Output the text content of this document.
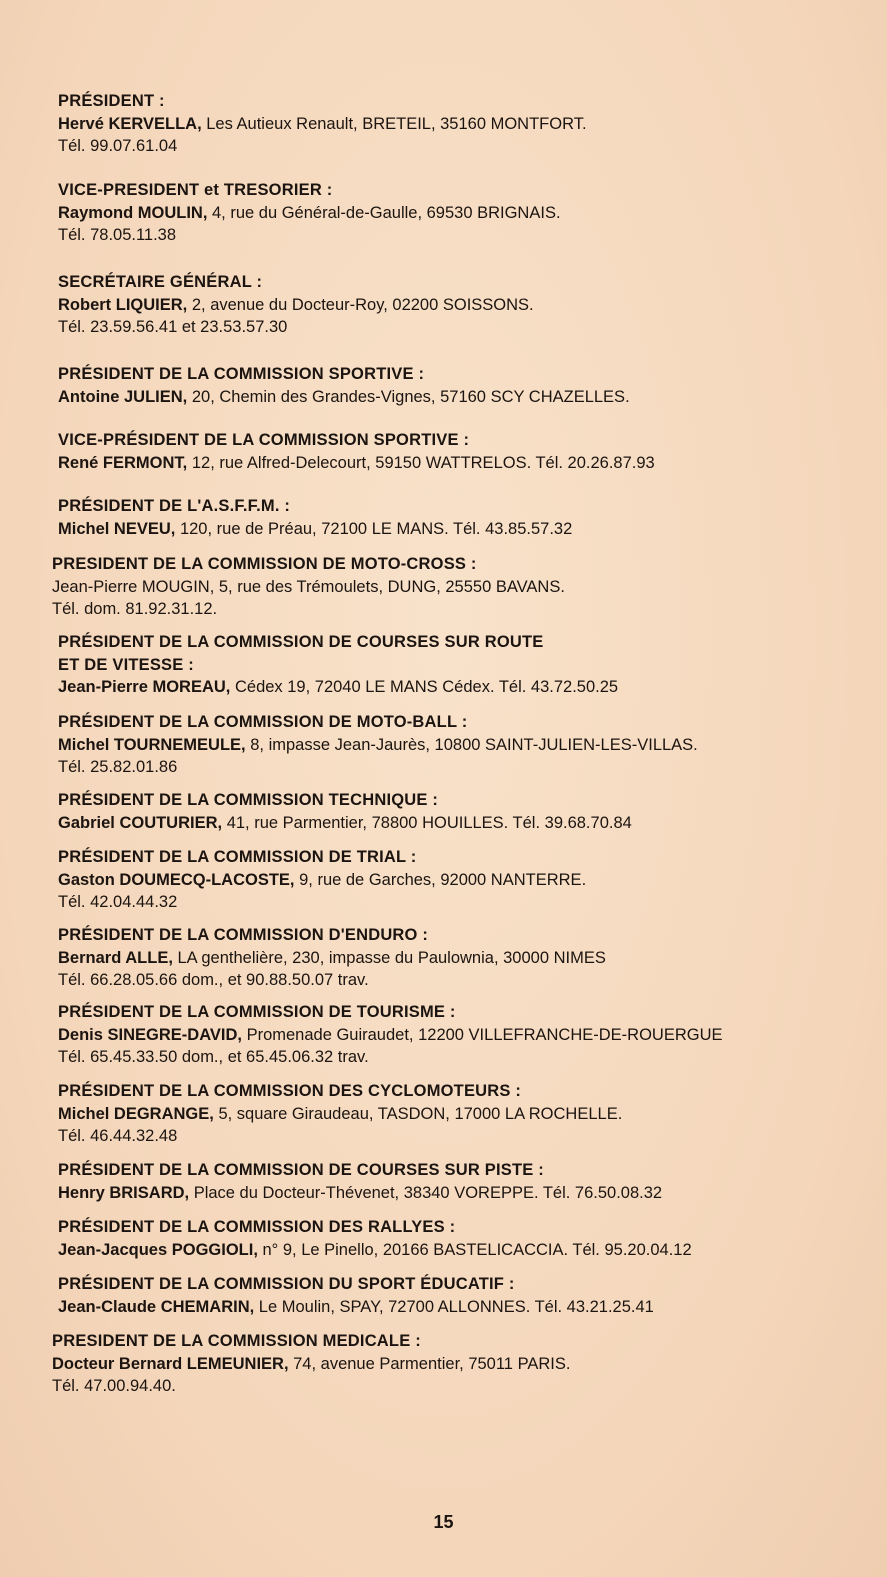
PRÉSIDENT :
Hervé KERVELLA, Les Autieux Renault, BRETEIL, 35160 MONTFORT.
Tél. 99.07.61.04
VICE-PRESIDENT et TRESORIER :
Raymond MOULIN, 4, rue du Général-de-Gaulle, 69530 BRIGNAIS.
Tél. 78.05.11.38
SECRÉTAIRE GÉNÉRAL :
Robert LIQUIER, 2, avenue du Docteur-Roy, 02200 SOISSONS.
Tél. 23.59.56.41 et 23.53.57.30
PRÉSIDENT DE LA COMMISSION SPORTIVE :
Antoine JULIEN, 20, Chemin des Grandes-Vignes, 57160 SCY CHAZELLES.
VICE-PRÉSIDENT DE LA COMMISSION SPORTIVE :
René FERMONT, 12, rue Alfred-Delecourt, 59150 WATTRELOS. Tél. 20.26.87.93
PRÉSIDENT DE L'A.S.F.F.M. :
Michel NEVEU, 120, rue de Préau, 72100 LE MANS. Tél. 43.85.57.32
PRESIDENT DE LA COMMISSION DE MOTO-CROSS :
Jean-Pierre MOUGIN, 5, rue des Trémoulets, DUNG, 25550 BAVANS.
Tél. dom. 81.92.31.12.
PRÉSIDENT DE LA COMMISSION DE COURSES SUR ROUTE
ET DE VITESSE :
Jean-Pierre MOREAU, Cédex 19, 72040 LE MANS Cédex. Tél. 43.72.50.25
PRÉSIDENT DE LA COMMISSION DE MOTO-BALL :
Michel TOURNEMEULE, 8, impasse Jean-Jaurès, 10800 SAINT-JULIEN-LES-VILLAS.
Tél. 25.82.01.86
PRÉSIDENT DE LA COMMISSION TECHNIQUE :
Gabriel COUTURIER, 41, rue Parmentier, 78800 HOUILLES. Tél. 39.68.70.84
PRÉSIDENT DE LA COMMISSION DE TRIAL :
Gaston DOUMECQ-LACOSTE, 9, rue de Garches, 92000 NANTERRE.
Tél. 42.04.44.32
PRÉSIDENT DE LA COMMISSION D'ENDURO :
Bernard ALLE, LA genthelière, 230, impasse du Paulownia, 30000 NIMES
Tél. 66.28.05.66 dom., et 90.88.50.07 trav.
PRÉSIDENT DE LA COMMISSION DE TOURISME :
Denis SINEGRE-DAVID, Promenade Guiraudet, 12200 VILLEFRANCHE-DE-ROUERGUE
Tél. 65.45.33.50 dom., et 65.45.06.32 trav.
PRÉSIDENT DE LA COMMISSION DES CYCLOMOTEURS :
Michel DEGRANGE, 5, square Giraudeau, TASDON, 17000 LA ROCHELLE.
Tél. 46.44.32.48
PRÉSIDENT DE LA COMMISSION DE COURSES SUR PISTE :
Henry BRISARD, Place du Docteur-Thévenet, 38340 VOREPPE. Tél. 76.50.08.32
PRÉSIDENT DE LA COMMISSION DES RALLYES :
Jean-Jacques POGGIOLI, n° 9, Le Pinello, 20166 BASTELICACCIA. Tél. 95.20.04.12
PRÉSIDENT DE LA COMMISSION DU SPORT ÉDUCATIF :
Jean-Claude CHEMARIN, Le Moulin, SPAY, 72700 ALLONNES. Tél. 43.21.25.41
PRESIDENT DE LA COMMISSION MEDICALE :
Docteur Bernard LEMEUNIER, 74, avenue Parmentier, 75011 PARIS.
Tél. 47.00.94.40.
15
